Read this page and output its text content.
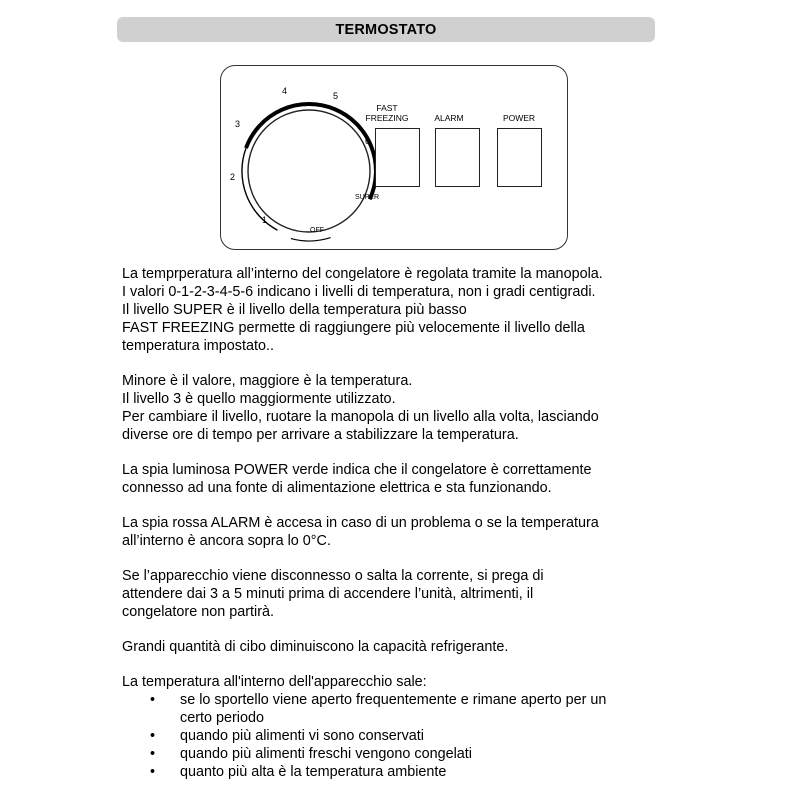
TERMOSTATO
1
2
3
4	5
6
OFF
SUPER
FAST
FREEZING	ALARM	POWER

La temprperatura all’interno del congelatore è regolata tramite la manopola.

I valori 0-1-2-3-4-5-6 indicano i livelli di temperatura, non i gradi centigradi.

Il livello SUPER è il livello della temperatura più basso

FAST FREEZING permette di raggiungere più velocemente il livello della

temperatura impostato..

Minore è il valore, maggiore è la temperatura.

Il livello 3 è quello maggiormente utilizzato.

Per cambiare il livello, ruotare la manopola di un livello alla volta, lasciando

diverse ore di tempo per arrivare a stabilizzare la temperatura.

La spia luminosa POWER verde indica che il congelatore è correttamente

connesso ad una fonte di alimentazione elettrica e sta funzionando.

La spia rossa ALARM è accesa in caso di un problema o se la temperatura

all’interno è ancora sopra lo 0°C.

Se l’apparecchio viene disconnesso o salta la corrente, si prega di

attendere dai 3 a 5 minuti prima di accendere l’unità, altrimenti, il

congelatore non partirà.

Grandi quantità di cibo diminuiscono la capacità refrigerante.

La temperatura all'interno dell'apparecchio sale:

• se lo sportello viene aperto frequentemente e rimane aperto per un
certo periodo
• quando più alimenti vi sono conservati
• quando più alimenti freschi vengono congelati
• quanto più alta è la temperatura ambiente
